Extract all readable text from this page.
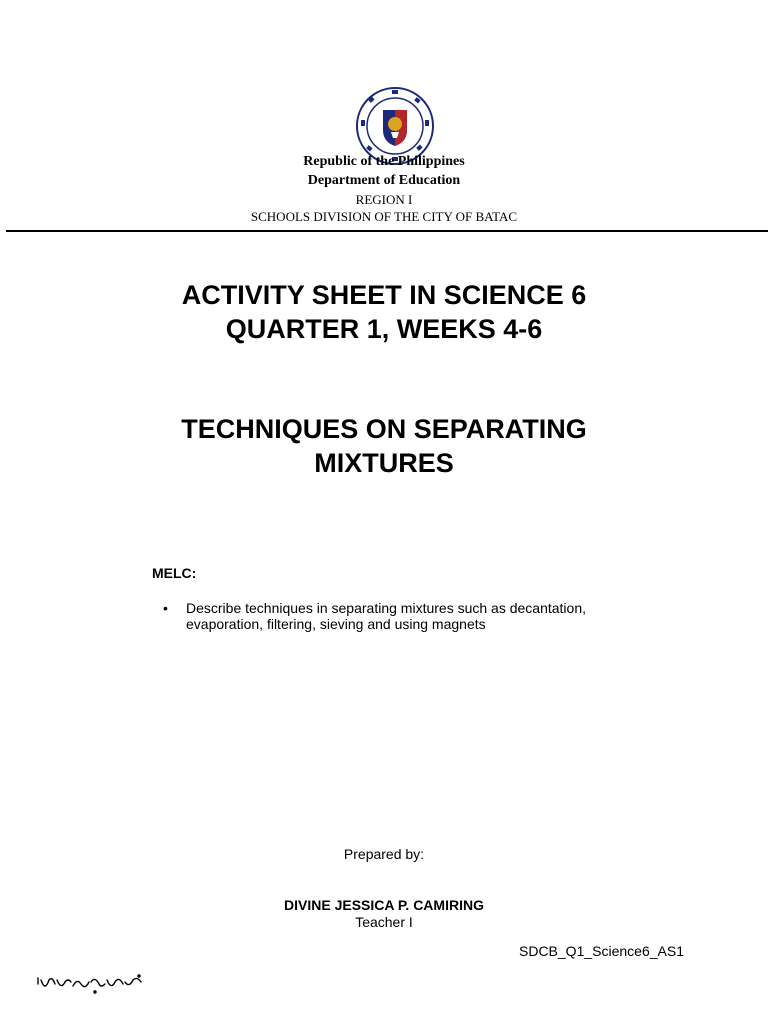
Republic of the Philippines
Department of Education
REGION I
SCHOOLS DIVISION OF THE CITY OF BATAC
ACTIVITY SHEET IN SCIENCE 6
QUARTER 1, WEEKS 4-6
TECHNIQUES ON SEPARATING
MIXTURES
MELC:
• Describe techniques in separating mixtures such as decantation,
evaporation, filtering, sieving and using magnets
Prepared by:
DIVINE JESSICA P. CAMIRING
Teacher I
SDCB_Q1_Science6_AS1
